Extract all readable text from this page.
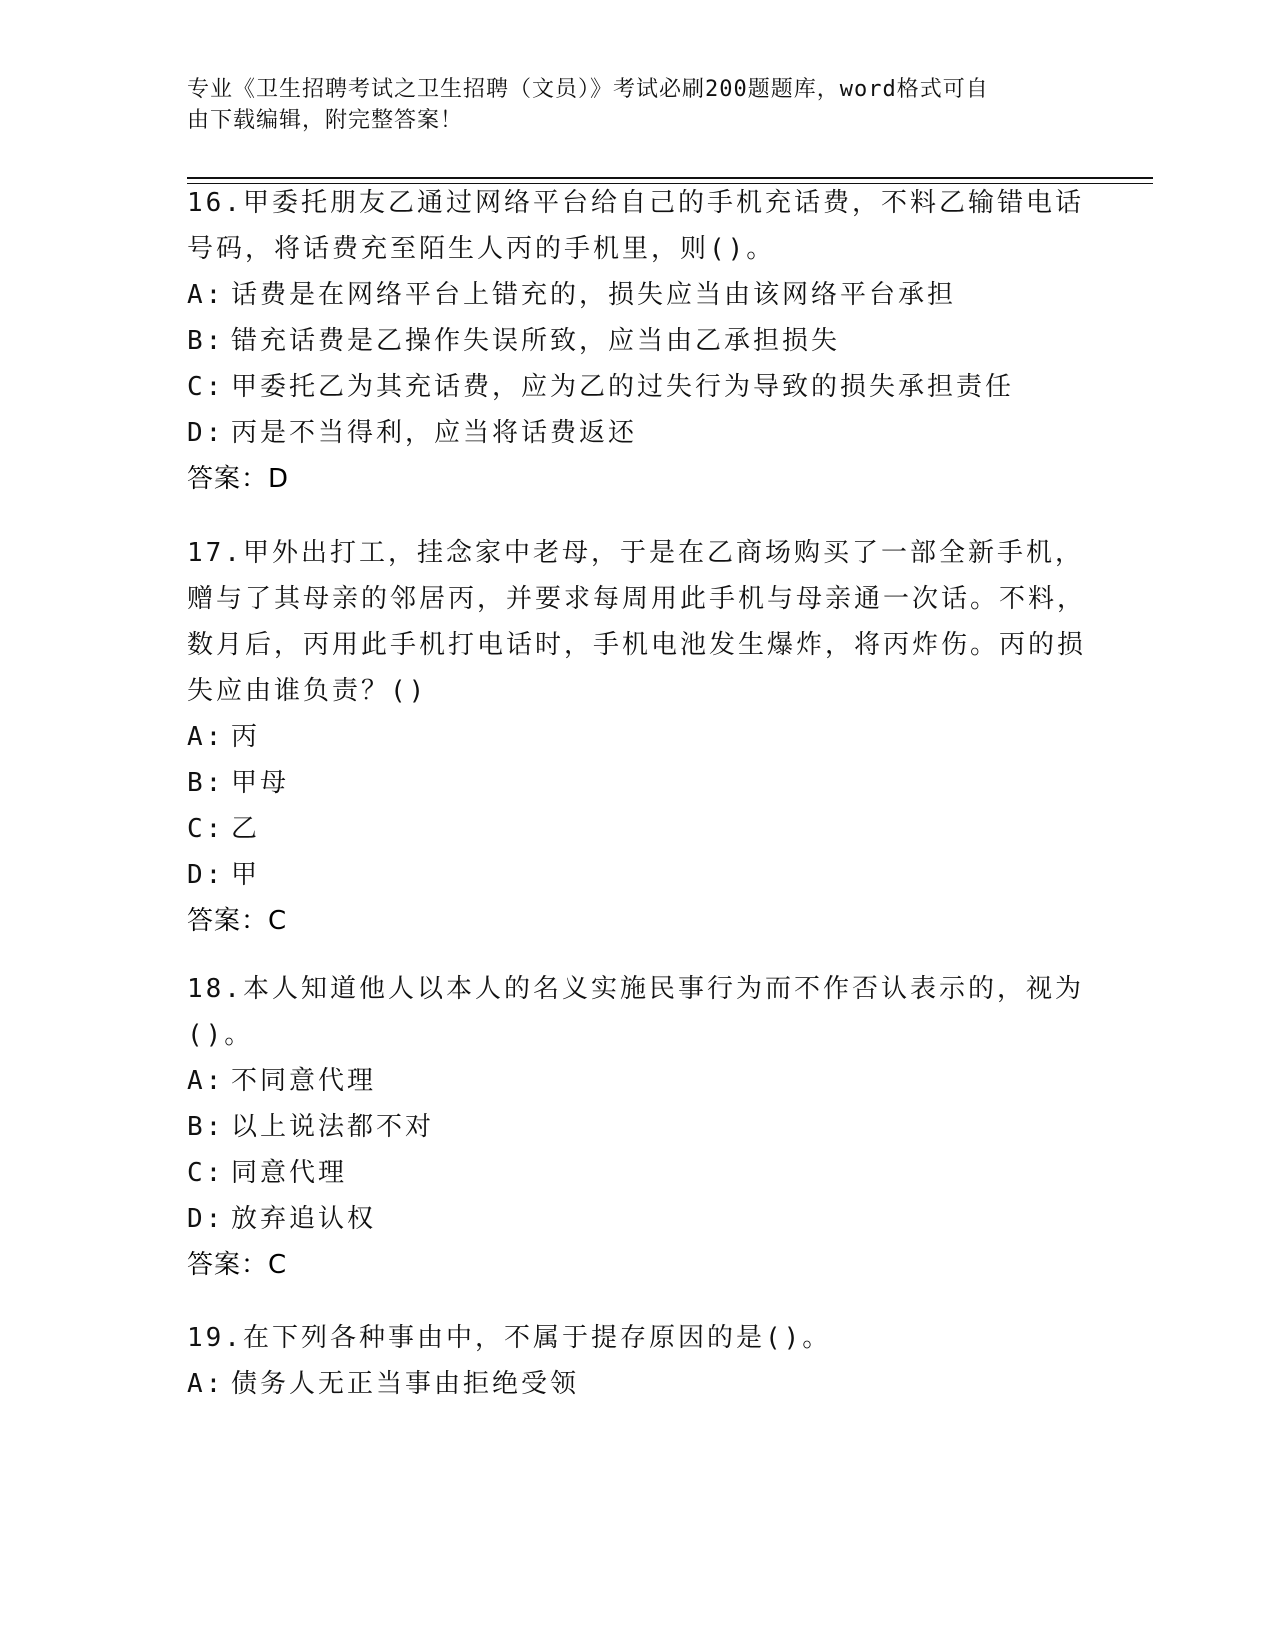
专业《卫生招聘考试之卫生招聘（文员）》考试必刷200题题库，word格式可自
由下载编辑，附完整答案！

16.甲委托朋友乙通过网络平台给自己的手机充话费，不料乙输错电话号码，将话费充至陌生人丙的手机里，则()。

A: 话费是在网络平台上错充的，损失应当由该网络平台承担
B: 错充话费是乙操作失误所致，应当由乙承担损失
C: 甲委托乙为其充话费，应为乙的过失行为导致的损失承担责任
D: 丙是不当得利，应当将话费返还

答案：D

17.甲外出打工，挂念家中老母，于是在乙商场购买了一部全新手机，赠与了其母亲的邻居丙，并要求每周用此手机与母亲通一次话。不料，数月后，丙用此手机打电话时，手机电池发生爆炸，将丙炸伤。丙的损失应由谁负责？()

A: 丙
B: 甲母
C: 乙
D: 甲

答案：C

18.本人知道他人以本人的名义实施民事行为而不作否认表示的，视为()。

A: 不同意代理
B: 以上说法都不对
C: 同意代理
D: 放弃追认权

答案：C

19.在下列各种事由中，不属于提存原因的是()。

A: 债务人无正当事由拒绝受领
